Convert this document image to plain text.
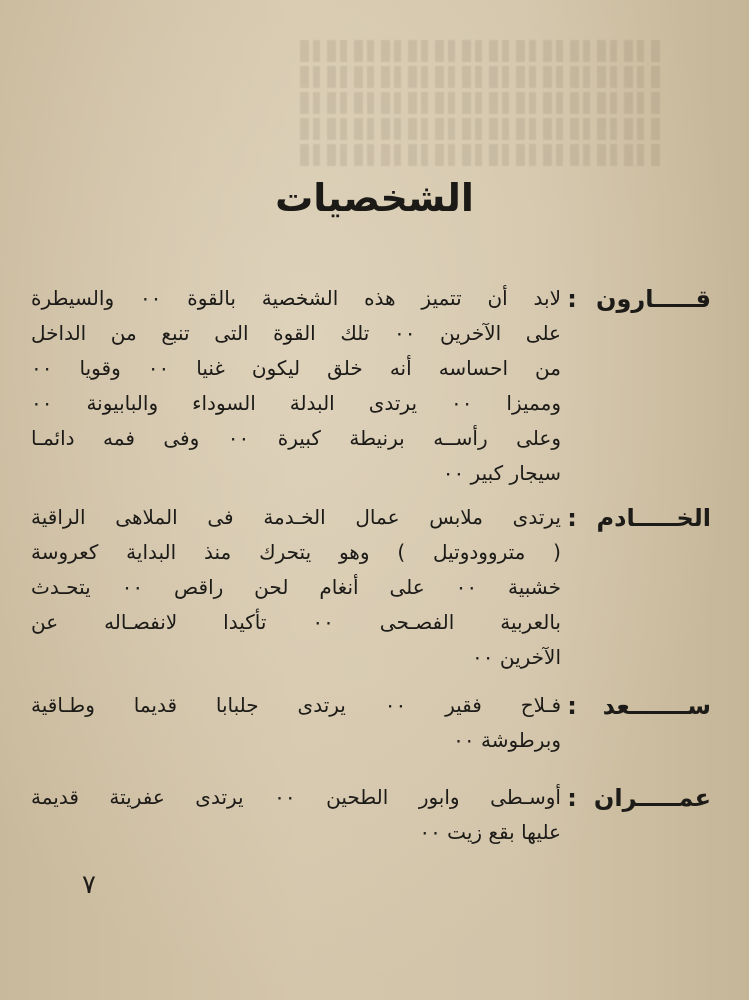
الشخصيات
قـــــارون
:
لابد أن تتميز هذه الشخصية بالقوة ٠٠ والسيطرة
على الآخرين ٠٠ تلك القوة التى تنبع من الداخل
من احساسه أنه خلق ليكون غنيا ٠٠ وقويا ٠٠
ومميزا ٠٠ يرتدى البدلة السوداء والبابيونة ٠٠
وعلى رأســه برنيطة كبيرة ٠٠ وفى فمه دائمـا
سيجار كبير ٠٠
الخـــــادم
:
يرتدى ملابس عمال الخـدمة فى الملاهى الراقية
( متروودوتيل ) وهو يتحرك منذ البداية كعروسة
خشبية ٠٠ على أنغام لحن راقص ٠٠ يتحـدث
بالعربية الفصـحى ٠٠ تأكيدا لانفصـاله عن
الآخرين ٠٠
ســـــــعد
:
فـلاح فقير ٠٠ يرتدى جلبابا قديما وطـاقية
وبرطوشة ٠٠
عمـــــران
:
أوسـطى وابور الطحين ٠٠ يرتدى عفريتة قديمة
عليها بقع زيت ٠٠
٧
